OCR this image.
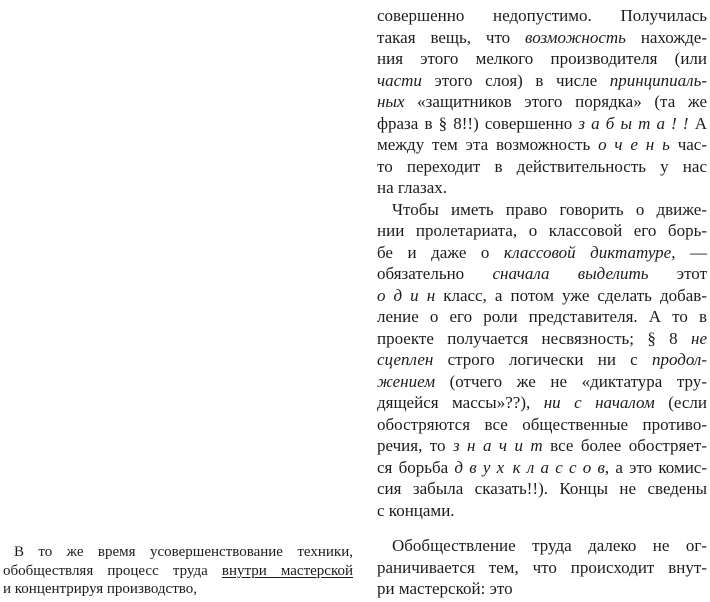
В то же время усовершенствование техники,
обобществляя процесс труда внутри мастерской
и концентрируя производство,
совершенно недопустимо. Получилась
такая вещь, что возможность нахожде-
ния этого мелкого производителя (или
части этого слоя) в числе принципиаль-
ных «защитников этого порядка» (та же
фраза в § 8!!) совершенно з а б ы т а ! ! А
между тем эта возможность о ч е н ь час-
то переходит в действительность у нас
на глазах.
Чтобы иметь право говорить о движе-
нии пролетариата, о классовой его борь-
бе и даже о классовой диктатуре, —
обязательно сначала выделить этот
о д и н класс, а потом уже сделать добав-
ление о его роли представителя. А то в
проекте получается несвязность; § 8 не
сцеплен строго логически ни с продол-
жением (отчего же не «диктатура тру-
дящейся массы»??), ни с началом (если
обостряются все общественные противо-
речия, то з н а ч и т все более обостряет-
ся борьба д в у х к л а с с о в, а это комис-
сия забыла сказать!!). Концы не сведены
с концами.
Обобществление труда далеко не ог-
раничивается тем, что происходит внут-
ри мастерской: это
